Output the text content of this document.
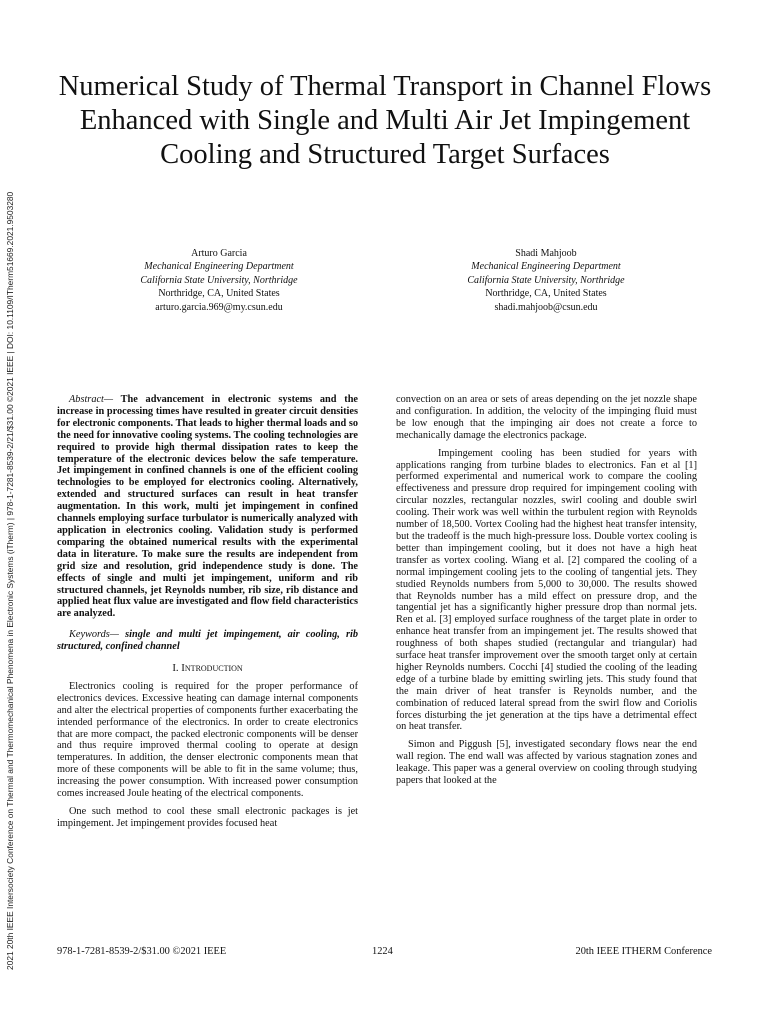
2021 20th IEEE Intersociety Conference on Thermal and Thermomechanical Phenomena in Electronic Systems (iTherm) | 978-1-7281-8539-2/21/$31.00 ©2021 IEEE | DOI: 10.1109/ITherm51669.2021.9503280
Numerical Study of Thermal Transport in Channel Flows Enhanced with Single and Multi Air Jet Impingement Cooling and Structured Target Surfaces
Arturo Garcia
Mechanical Engineering Department
California State University, Northridge
Northridge, CA, United States
arturo.garcia.969@my.csun.edu
Shadi Mahjoob
Mechanical Engineering Department
California State University, Northridge
Northridge, CA, United States
shadi.mahjoob@csun.edu

Abstract— The advancement in electronic systems and the increase in processing times have resulted in greater circuit densities for electronic components. That leads to higher thermal loads and so the need for innovative cooling systems. The cooling technologies are required to provide high thermal dissipation rates to keep the temperature of the electronic devices below the safe temperature. Jet impingement in confined channels is one of the efficient cooling technologies to be employed for electronics cooling. Alternatively, extended and structured surfaces can result in heat transfer augmentation. In this work, multi jet impingement in confined channels employing surface turbulator is numerically analyzed with application in electronics cooling. Validation study is performed comparing the obtained numerical results with the experimental data in literature. To make sure the results are independent from grid size and resolution, grid independence study is done. The effects of single and multi jet impingement, uniform and rib structured channels, jet Reynolds number, rib size, rib distance and applied heat flux value are investigated and flow field characteristics are analyzed.

Keywords— single and multi jet impingement, air cooling, rib structured, confined channel

I. Introduction

Electronics cooling is required for the proper performance of electronics devices. Excessive heating can damage internal components and alter the electrical properties of components further exacerbating the intended performance of the electronics. In order to create electronics that are more compact, the packed electronic components will be denser and thus require improved thermal cooling to operate at design temperatures. In addition, the denser electronic components mean that more of these components will be able to fit in the same volume; thus, increasing the power consumption. With increased power consumption comes increased Joule heating of the electrical components.

One such method to cool these small electronic packages is jet impingement. Jet impingement provides focused heat

convection on an area or sets of areas depending on the jet nozzle shape and configuration. In addition, the velocity of the impinging fluid must be low enough that the impinging air does not create a force to mechanically damage the electronics package.

Impingement cooling has been studied for years with applications ranging from turbine blades to electronics. Fan et al [1] performed experimental and numerical work to compare the cooling effectiveness and pressure drop required for impingement cooling with circular nozzles, rectangular nozzles, swirl cooling and double swirl cooling. Their work was well within the turbulent region with Reynolds number of 18,500. Vortex Cooling had the highest heat transfer intensity, but the tradeoff is the much high-pressure loss. Double vortex cooling is better than impingement cooling, but it does not have a high heat transfer as vortex cooling. Wiang et al. [2] compared the cooling of a normal impingement cooling jets to the cooling of tangential jets. They studied Reynolds numbers from 5,000 to 30,000. The results showed that Reynolds number has a mild effect on pressure drop, and the tangential jet has a significantly higher pressure drop than normal jets. Ren et al. [3] employed surface roughness of the target plate in order to enhance heat transfer from an impingement jet. The results showed that roughness of both shapes studied (rectangular and triangular) had surface heat transfer improvement over the smooth target only at certain higher Reynolds numbers. Cocchi [4] studied the cooling of the leading edge of a turbine blade by emitting swirling jets. This study found that the main driver of heat transfer is Reynolds number, and the combination of reduced lateral spread from the swirl flow and Coriolis forces disturbing the jet generation at the tips have a detrimental effect on heat transfer.

Simon and Piggush [5], investigated secondary flows near the end wall region. The end wall was affected by various stagnation zones and leakage. This paper was a general overview on cooling through studying papers that looked at the

978-1-7281-8539-2/$31.00 ©2021 IEEE	1224	20th IEEE ITHERM Conference
